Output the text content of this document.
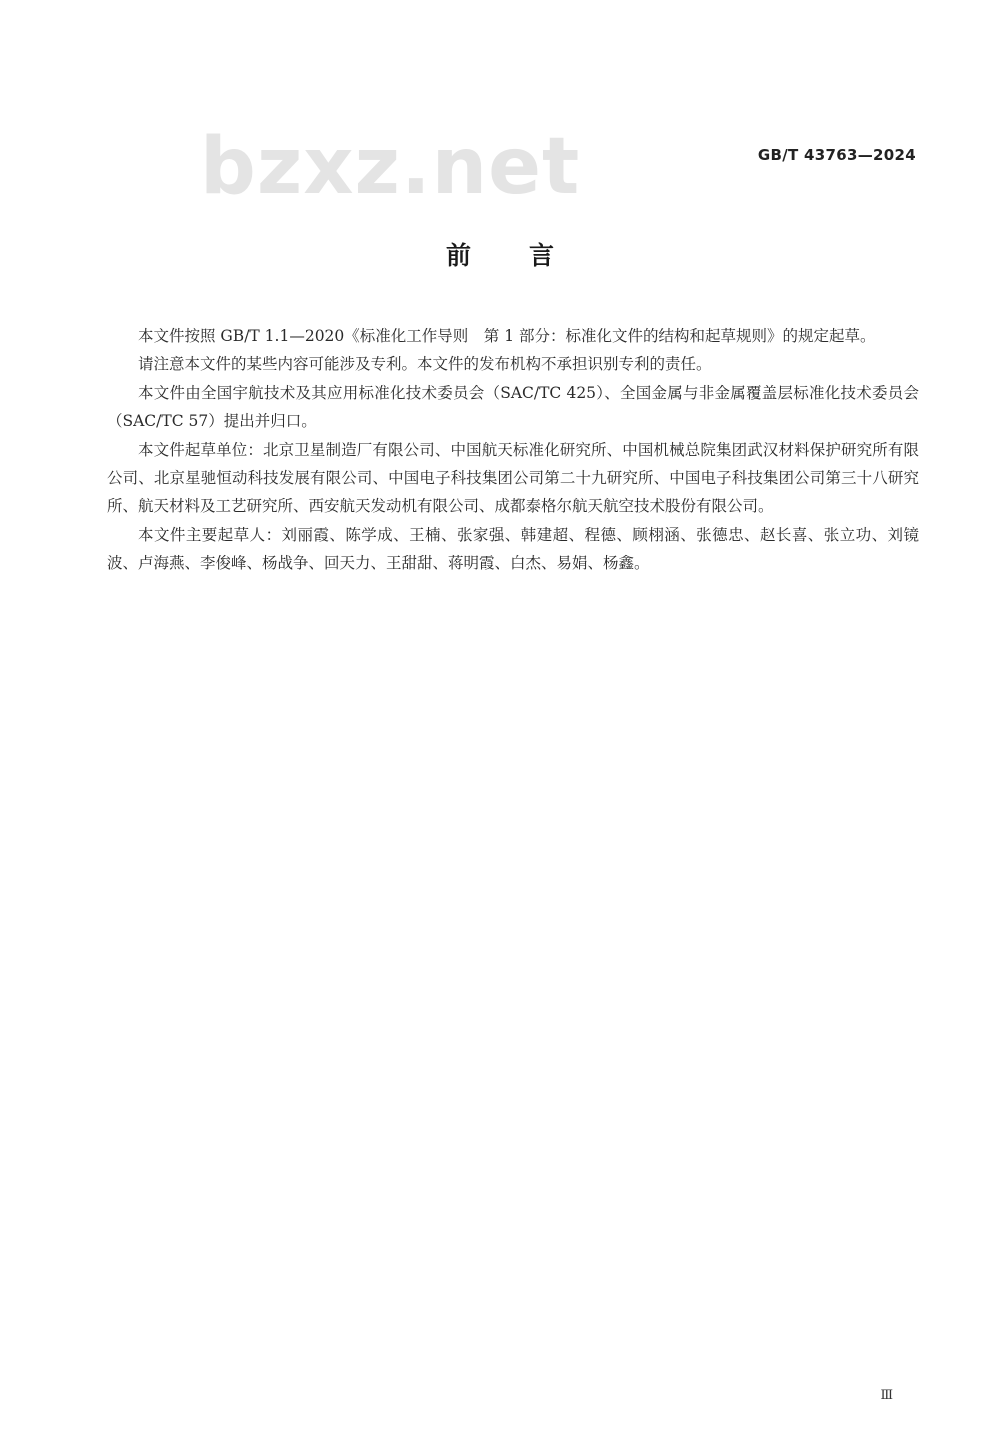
bzxz.net	GB/T 43763—2024
前言

本文件按照 GB/T 1.1—2020《标准化工作导则　第 1 部分：标准化文件的结构和起草规则》的规定起草。

请注意本文件的某些内容可能涉及专利。本文件的发布机构不承担识别专利的责任。

本文件由全国宇航技术及其应用标准化技术委员会（SAC/TC 425）、全国金属与非金属覆盖层标准化技术委员会（SAC/TC 57）提出并归口。

本文件起草单位：北京卫星制造厂有限公司、中国航天标准化研究所、中国机械总院集团武汉材料保护研究所有限公司、北京星驰恒动科技发展有限公司、中国电子科技集团公司第二十九研究所、中国电子科技集团公司第三十八研究所、航天材料及工艺研究所、西安航天发动机有限公司、成都泰格尔航天航空技术股份有限公司。

本文件主要起草人：刘丽霞、陈学成、王楠、张家强、韩建超、程德、顾栩涵、张德忠、赵长喜、张立功、刘镜波、卢海燕、李俊峰、杨战争、回天力、王甜甜、蒋明霞、白杰、易娟、杨鑫。

Ⅲ
